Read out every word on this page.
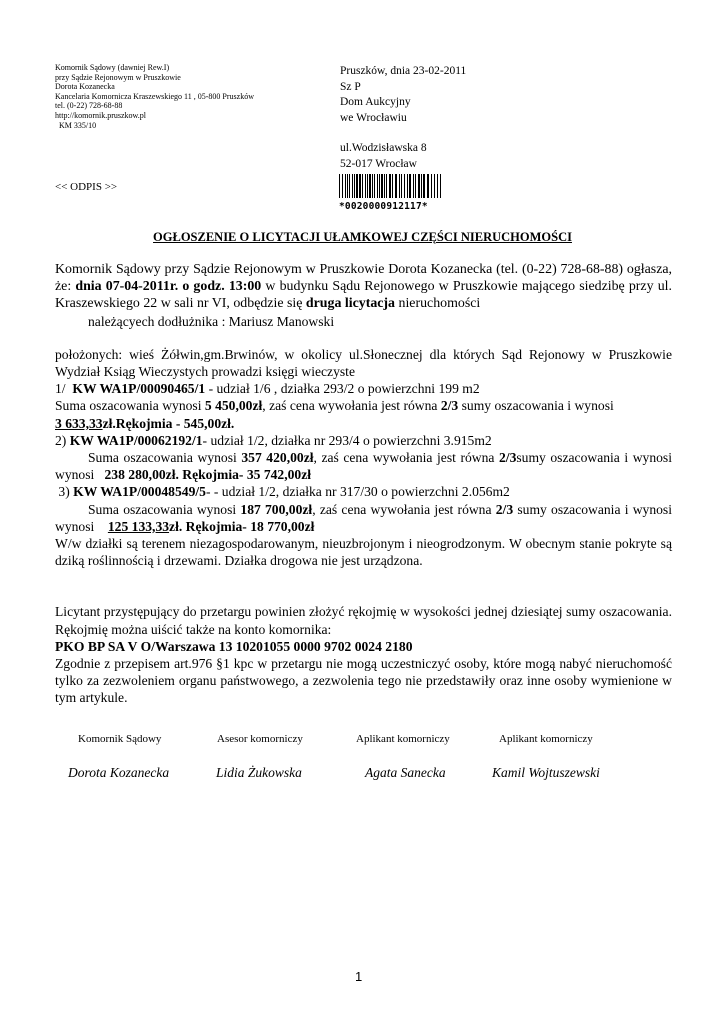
Komornik Sądowy (dawniej Rew.I)
przy Sądzie Rejonowym w Pruszkowie
Dorota Kozanecka
Kancelaria Komornicza Kraszewskiego 11 , 05-800 Pruszków
tel. (0-22) 728-68-88
http://komornik.pruszkow.pl
KM 335/10
Pruszków, dnia 23-02-2011
Sz P
Dom Aukcyjny
we Wrocławiu
ul.Wodzisławska 8
52-017 Wrocław
<< ODPIS >>
*0020000912117*
OGŁOSZENIE O LICYTACJI UŁAMKOWEJ CZĘŚCI NIERUCHOMOŚCI
Komornik Sądowy przy Sądzie Rejonowym w Pruszkowie Dorota Kozanecka (tel. (0-22) 728-68-88) ogłasza, że: dnia 07-04-2011r. o godz. 13:00 w budynku Sądu Rejonowego w Pruszkowie mającego siedzibę przy ul. Kraszewskiego 22 w sali nr VI, odbędzie się druga licytacja nieruchomości
należącyech dodłużnika : Mariusz Manowski
położonych: wieś Żółwin,gm.Brwinów, w okolicy ul.Słonecznej dla których Sąd Rejonowy w Pruszkowie Wydział Ksiąg Wieczystych prowadzi księgi wieczyste
1/ KW WA1P/00090465/1 - udział 1/6 , działka 293/2 o powierzchni 199 m2
Suma oszacowania wynosi 5 450,00zł, zaś cena wywołania jest równa 2/3 sumy oszacowania i wynosi
3 633,33zł.Rękojmia - 545,00zł.
2) KW WA1P/00062192/1- udział 1/2, działka nr 293/4 o powierzchni 3.915m2
Suma oszacowania wynosi 357 420,00zł, zaś cena wywołania jest równa 2/3sumy oszacowania i wynosi
wynosi   238 280,00zł. Rękojmia- 35 742,00zł
3) KW WA1P/00048549/5- - udział 1/2, działka nr 317/30 o powierzchni 2.056m2
Suma oszacowania wynosi 187 700,00zł, zaś cena wywołania jest równa 2/3 sumy oszacowania i wynosi
wynosi    125 133,33zł. Rękojmia- 18 770,00zł
W/w działki są terenem niezagospodarowanym, nieuzbrojonym i nieogrodzonym. W obecnym stanie pokryte są dziką roślinnością i drzewami. Działka drogowa nie jest urządzona.
Licytant przystępujący do przetargu powinien złożyć rękojmię w wysokości jednej dziesiątej sumy oszacowania. Rękojmię można uiścić także na konto komornika:
PKO BP SA V O/Warszawa 13 10201055 0000 9702 0024 2180
Zgodnie z przepisem art.976 §1 kpc w przetargu nie mogą uczestniczyć osoby, które mogą nabyć nieruchomość tylko za zezwoleniem organu państwowego, a zezwolenia tego nie przedstawiły oraz inne osoby wymienione w tym artykule.
Komornik Sądowy	Asesor komorniczy	Aplikant komorniczy	Aplikant komorniczy
Dorota Kozanecka	Lidia Żukowska	Agata Sanecka	Kamil Wojtuszewski
1
